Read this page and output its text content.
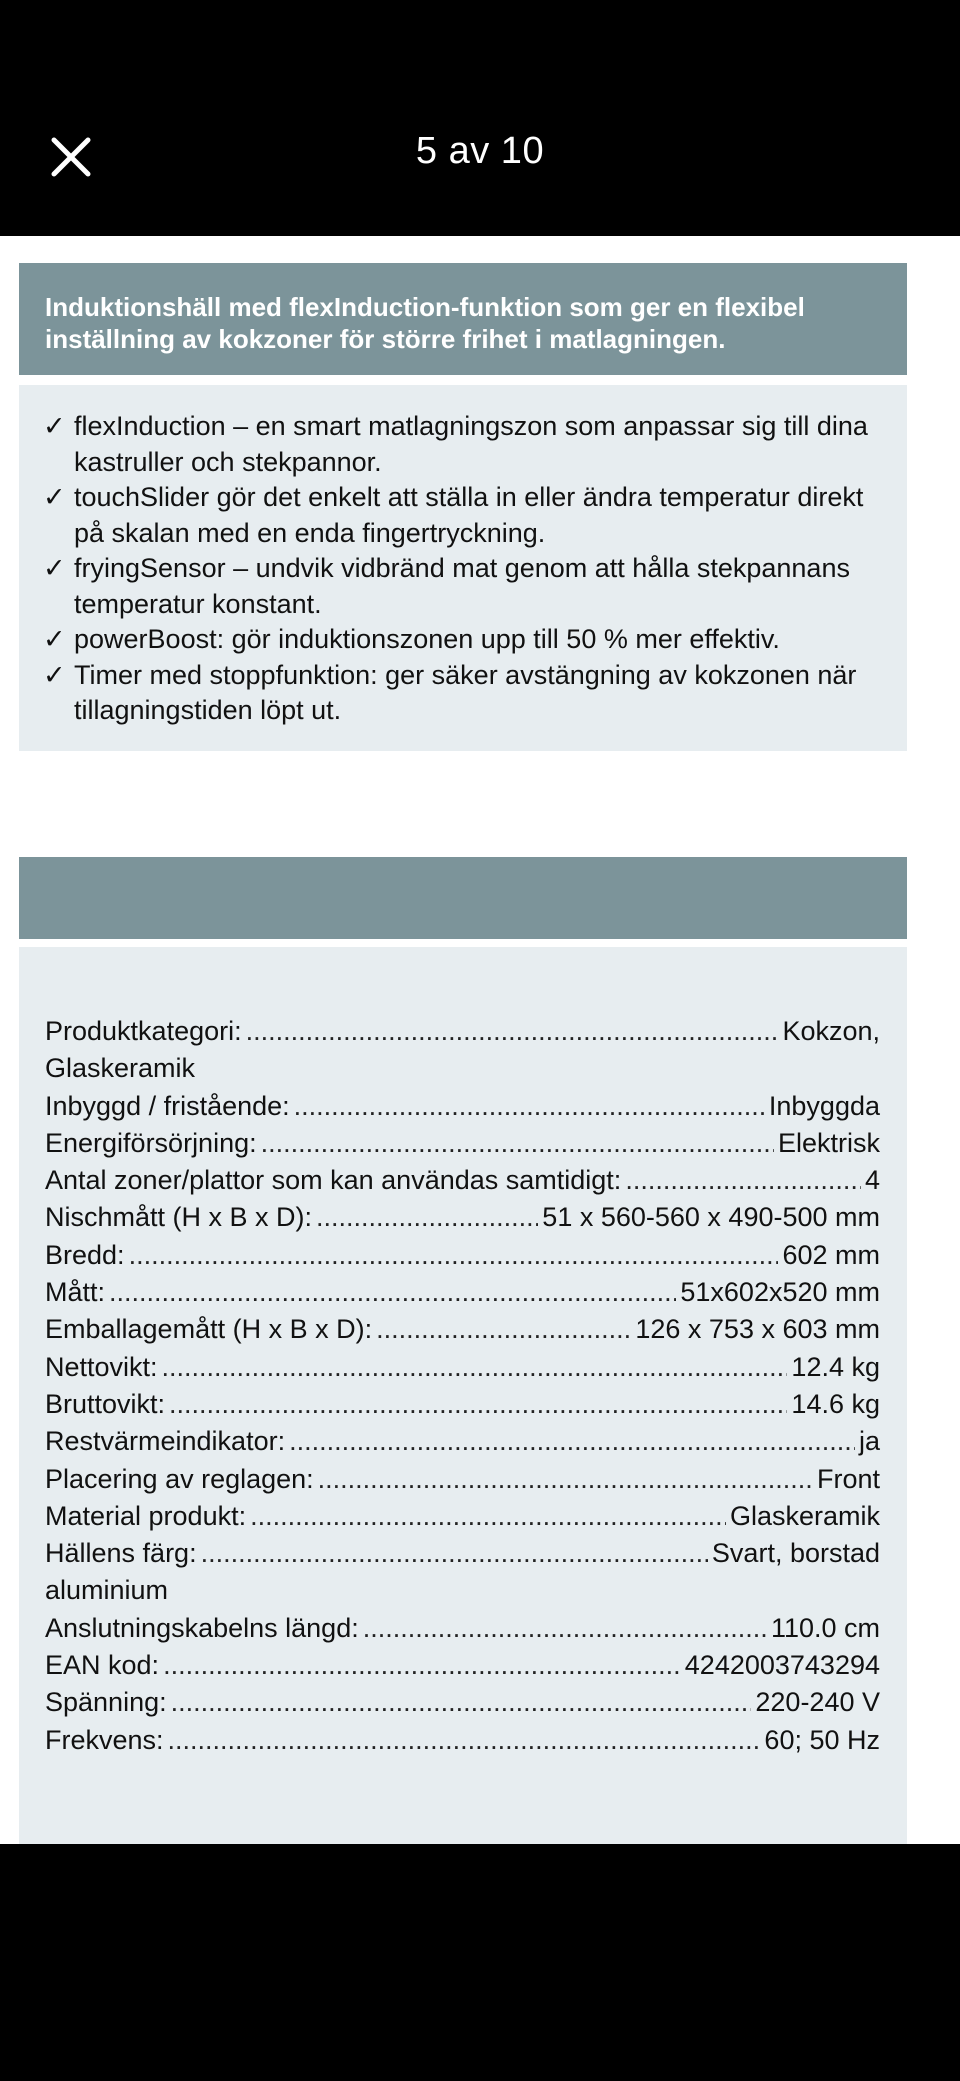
5 av 10
Induktionshäll med flexInduction-funktion som ger en flexibel inställning av kokzoner för större frihet i matlagningen.
✓ flexInduction – en smart matlagningszon som anpassar sig till dina kastruller och stekpannor.
✓ touchSlider gör det enkelt att ställa in eller ändra temperatur direkt på skalan med en enda fingertryckning.
✓ fryingSensor – undvik vidbränd mat genom att hålla stekpannans temperatur konstant.
✓ powerBoost: gör induktionszonen upp till 50 % mer effektiv.
✓ Timer med stoppfunktion: ger säker avstängning av kokzonen när tillagningstiden löpt ut.
Produktkategori: .....	Kokzon,
Glaskeramik
Inbyggd / fristående: .....	Inbyggda
Energiförsörjning: .....	Elektrisk
Antal zoner/plattor som kan användas samtidigt: .....	4
Nischmått (H x B x D): .....	51 x 560-560 x 490-500 mm
Bredd: .....	602 mm
Mått: .....	51x602x520 mm
Emballagemått (H x B x D): .....	126 x 753 x 603 mm
Nettovikt: .....	12.4 kg
Bruttovikt: .....	14.6 kg
Restvärmeindikator: .....	ja
Placering av reglagen: .....	Front
Material produkt: .....	Glaskeramik
Hällens färg: .....	Svart, borstad
aluminium
Anslutningskabelns längd: .....	110.0 cm
EAN kod: .....	4242003743294
Spänning: .....	220-240 V
Frekvens: .....	60; 50 Hz
